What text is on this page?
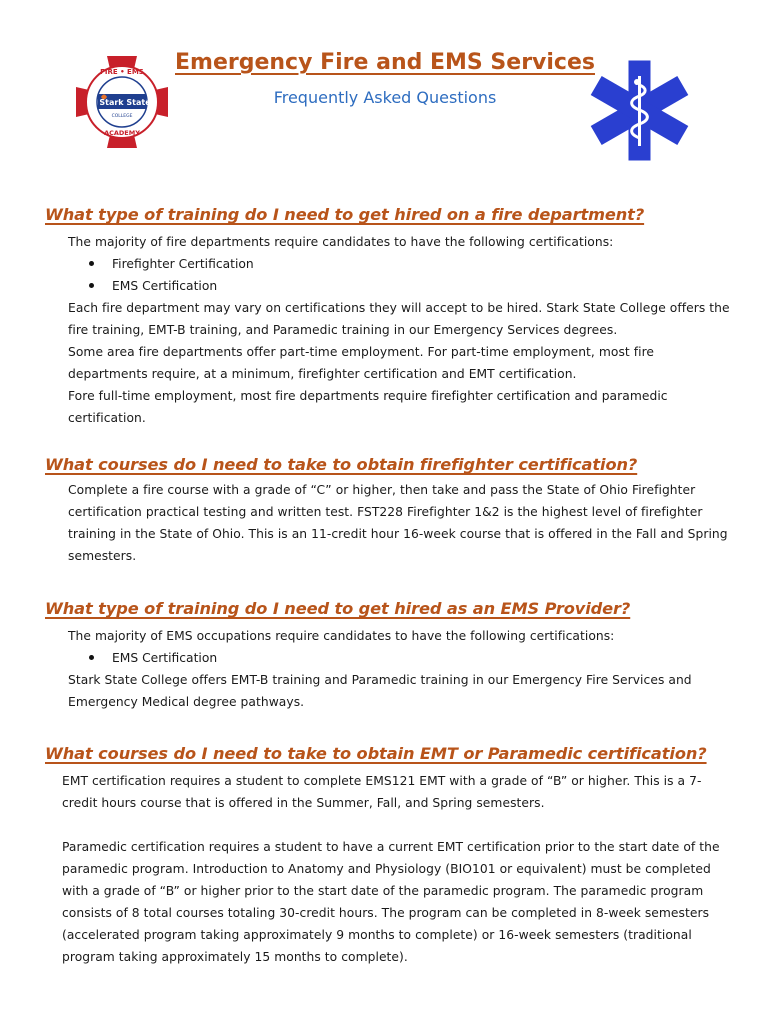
FIRE • EMS
Stark State
COLLEGE
ACADEMY
Emergency Fire and EMS Services
Frequently Asked Questions
What type of training do I need to get hired on a fire department?

The majority of fire departments require candidates to have the following certifications:

Firefighter Certification
EMS Certification

Each fire department may vary on certifications they will accept to be hired. Stark State College offers the

fire training, EMT-B training, and Paramedic training in our Emergency Services degrees.

Some area fire departments offer part-time employment. For part-time employment, most fire

departments require, at a minimum, firefighter certification and EMT certification.

Fore full-time employment, most fire departments require firefighter certification and paramedic

certification.

What courses do I need to take to obtain firefighter certification?

Complete a fire course with a grade of “C” or higher, then take and pass the State of Ohio Firefighter

certification practical testing and written test. FST228 Firefighter 1&2 is the highest level of firefighter

training in the State of Ohio. This is an 11-credit hour 16-week course that is offered in the Fall and Spring

semesters.

What type of training do I need to get hired as an EMS Provider?

The majority of EMS occupations require candidates to have the following certifications:

EMS Certification

Stark State College offers EMT-B training and Paramedic training in our Emergency Fire Services and

Emergency Medical degree pathways.

What courses do I need to take to obtain EMT or Paramedic certification?

EMT certification requires a student to complete EMS121 EMT with a grade of “B” or higher. This is a 7-

credit hours course that is offered in the Summer, Fall, and Spring semesters.

Paramedic certification requires a student to have a current EMT certification prior to the start date of the

paramedic program. Introduction to Anatomy and Physiology (BIO101 or equivalent) must be completed

with a grade of “B” or higher prior to the start date of the paramedic program. The paramedic program

consists of 8 total courses totaling 30-credit hours. The program can be completed in 8-week semesters

(accelerated program taking approximately 9 months to complete) or 16-week semesters (traditional

program taking approximately 15 months to complete).
